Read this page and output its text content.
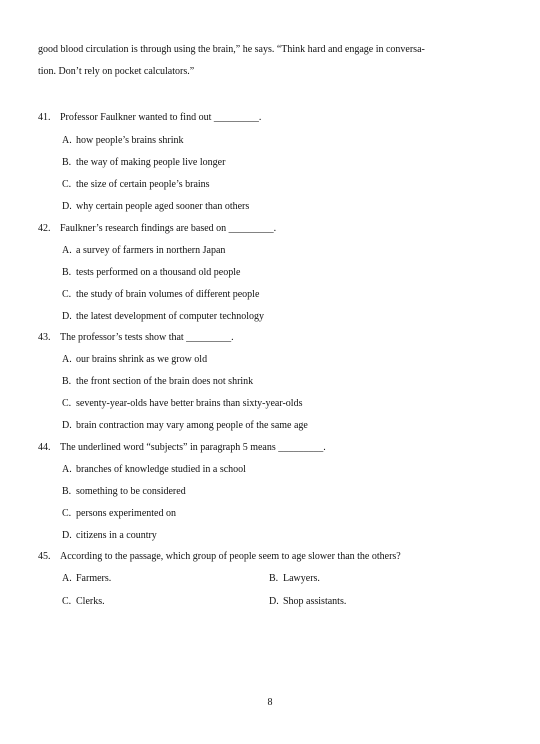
good blood circulation is through using the brain,” he says. “Think hard and engage in conversa-
tion. Don’t rely on pocket calculators.”
41. Professor Faulkner wanted to find out _________.
A. how people’s brains shrink
B. the way of making people live longer
C. the size of certain people’s brains
D. why certain people aged sooner than others
42. Faulkner’s research findings are based on _________.
A. a survey of farmers in northern Japan
B. tests performed on a thousand old people
C. the study of brain volumes of different people
D. the latest development of computer technology
43. The professor’s tests show that _________.
A. our brains shrink as we grow old
B. the front section of the brain does not shrink
C. seventy-year-olds have better brains than sixty-year-olds
D. brain contraction may vary among people of the same age
44. The underlined word “subjects” in paragraph 5 means _________.
A. branches of knowledge studied in a school
B. something to be considered
C. persons experimented on
D. citizens in a country
45. According to the passage, which group of people seem to age slower than the others?
A. Farmers.	B. Lawyers.
C. Clerks.	D. Shop assistants.
8
